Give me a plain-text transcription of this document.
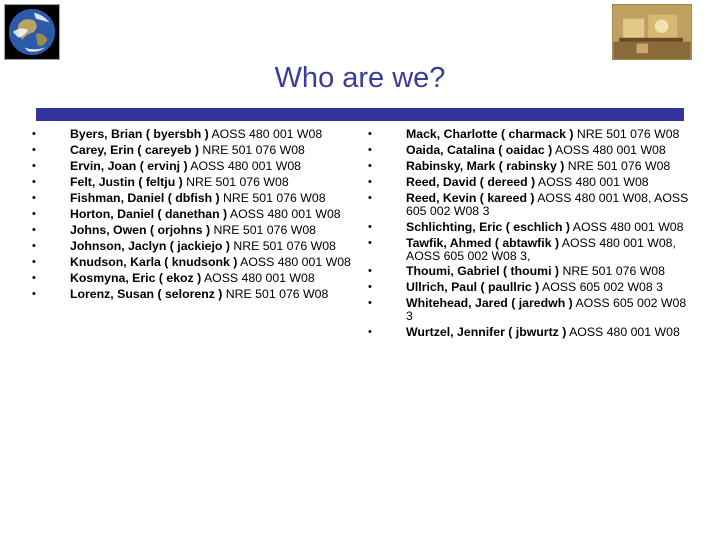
Who are we?
•	Byers, Brian ( byersbh ) AOSS 480 001 W08
•	Carey, Erin ( careyeb ) NRE 501 076 W08
•	Ervin, Joan ( ervinj ) AOSS 480 001 W08
•	Felt, Justin ( feltju ) NRE 501 076 W08
•	Fishman, Daniel ( dbfish ) NRE 501 076 W08
•	Horton, Daniel ( danethan ) AOSS 480 001 W08
•	Johns, Owen ( orjohns ) NRE 501 076 W08
•	Johnson, Jaclyn ( jackiejo ) NRE 501 076 W08
•	Knudson, Karla ( knudsonk ) AOSS 480 001 W08
•	Kosmyna, Eric ( ekoz ) AOSS 480 001 W08
•	Lorenz, Susan ( selorenz ) NRE 501 076 W08
•	Mack, Charlotte ( charmack ) NRE 501 076 W08
•	Oaida, Catalina ( oaidac ) AOSS 480 001 W08
•	Rabinsky, Mark ( rabinsky ) NRE 501 076 W08
•	Reed, David ( dereed ) AOSS 480 001 W08
•	Reed, Kevin ( kareed ) AOSS 480 001 W08, AOSS 605 002 W08 3
•	Schlichting, Eric ( eschlich ) AOSS 480 001 W08
•	Tawfik, Ahmed ( abtawfik ) AOSS 480 001 W08, AOSS 605 002 W08 3,
•	Thoumi, Gabriel ( thoumi ) NRE 501 076 W08
•	Ullrich, Paul ( paullric ) AOSS 605 002 W08 3
•	Whitehead, Jared ( jaredwh ) AOSS 605 002 W08 3
•	Wurtzel, Jennifer ( jbwurtz ) AOSS 480 001 W08
